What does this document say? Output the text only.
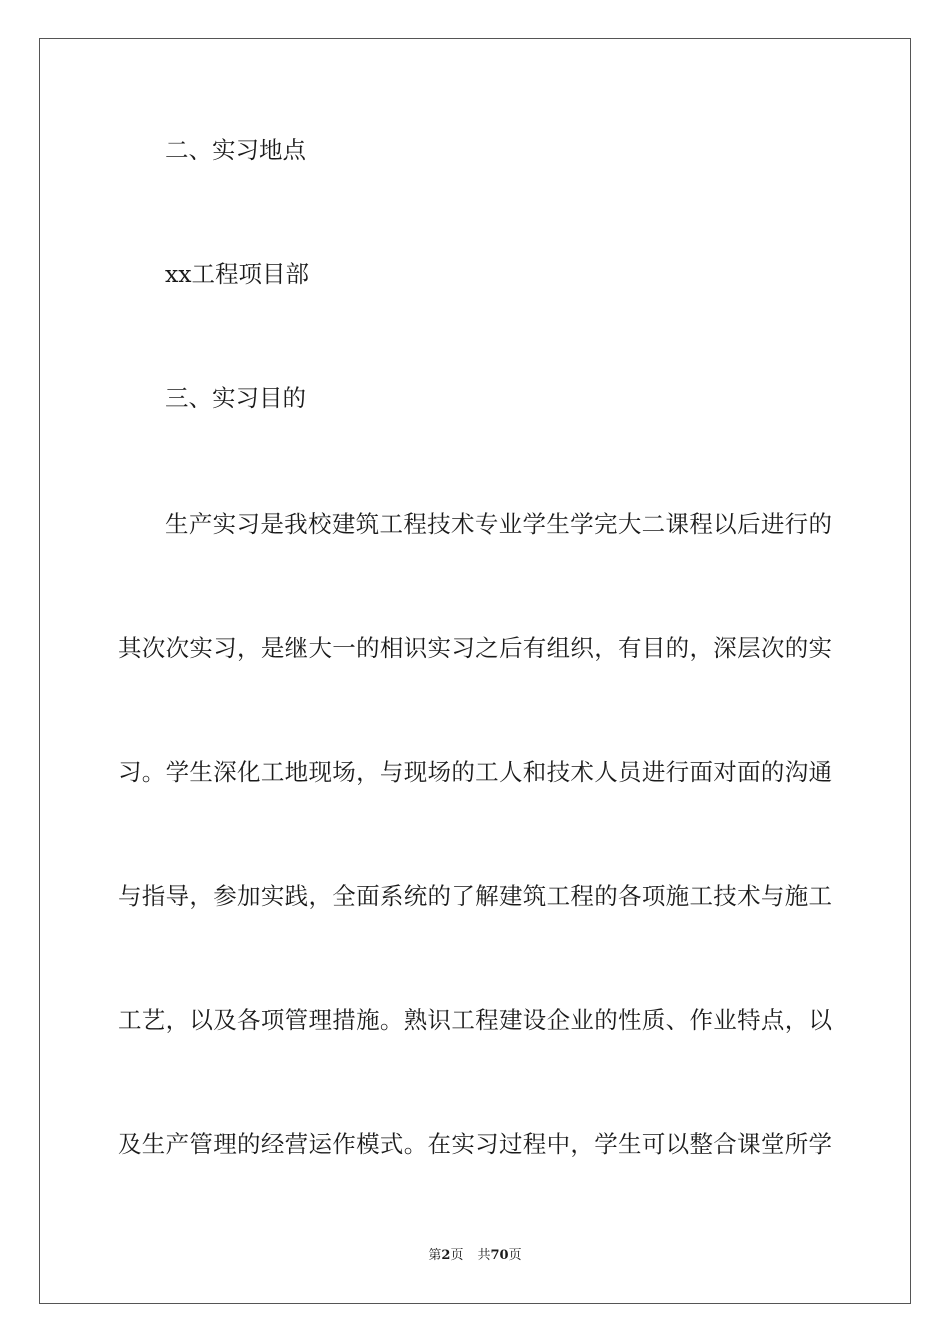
二、实习地点
xx工程项目部
三、实习目的
生产实习是我校建筑工程技术专业学生学完大二课程以后进行的
其次次实习，是继大一的相识实习之后有组织，有目的，深层次的实
习。学生深化工地现场，与现场的工人和技术人员进行面对面的沟通
与指导，参加实践，全面系统的了解建筑工程的各项施工技术与施工
工艺，以及各项管理措施。熟识工程建设企业的性质、作业特点，以
及生产管理的经营运作模式。在实习过程中，学生可以整合课堂所学
第2页 共70页
